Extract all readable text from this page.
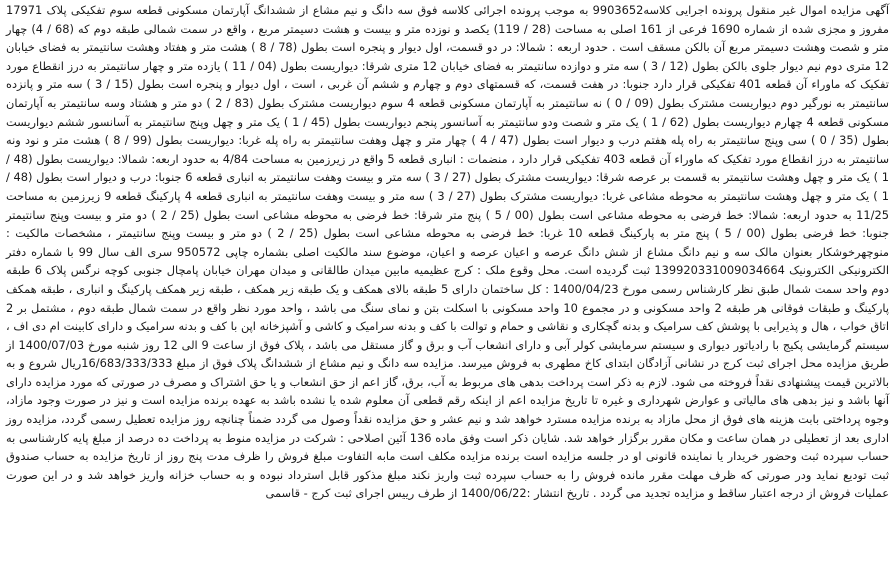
آگهی مزایده اموال غیر منقول پرونده اجرایی کلاسه9903652 به موجب پرونده اجرائی کلاسه فوق سه دانگ و نیم مشاع از ششدانگ آپارتمان مسکونی قطعه سوم تفکیکی پلاک 17971 مفروز و مجزی شده از شماره 1690 فرعی از 161 اصلی به مساحت (28 / 119) یکصد و نوزده متر و بیست و هشت دسیمتر مربع ، واقع در سمت شمالی طبقه دوم که (68 / 4) چهار متر و شصت وهشت دسیمتر مربع آن بالکن مسقف است . حدود اربعه : شمالا: در دو قسمت، اول دیوار و پنجره است بطول (78 / 8 ) هشت متر و هفتاد وهشت سانتیمتر به فضای خیابان 12 متری دوم نیم دیوار جلوی بالکن بطول (12 / 3 ) سه متر و دوازده سانتیمتر به فضای خیابان 12 متری شرقا: دیواریست بطول (04 / 11 ) یازده متر و چهار سانتیمتر به درز انقطاع مورد تفکیک که ماوراء آن قطعه 401 تفکیکی قرار دارد جنوبا: در هفت قسمت، که قسمتهای دوم و چهارم و ششم آن غربی ، است ، اول دیوار و پنجره است بطول (15 / 3 ) سه متر و پانزده سانتیمتر به نورگیر دوم دیواریست مشترک بطول (09 / 0 ) نه سانتیمتر به آپارتمان مسکونی قطعه 4 سوم دیواریست مشترک بطول (83 / 2 ) دو متر و هشتاد وسه سانتیمتر به آپارتمان مسکونی قطعه 4 چهارم دیواریست بطول (62 / 1 ) یک متر و شصت ودو سانتیمتر به آسانسور پنجم دیواریست بطول (45 / 1 ) یک متر و چهل وپنج سانتیمتر به آسانسور ششم دیواریست بطول (35 / 0 ) سی وپنج سانتیمتر به راه پله هفتم درب و دیوار است بطول (47 / 4 ) چهار متر و چهل وهفت سانتیمتر به راه پله غربا: دیواریست بطول (99 / 8 ) هشت متر و نود ونه سانتیمتر به درز انقطاع مورد تفکیک که ماوراء آن قطعه 403 تفکیکی قرار دارد ، منضمات : انباری قطعه 5 واقع در زیرزمین به مساحت 4/84 به حدود اربعه: شمالا: دیواریست بطول (48 / 1 ) یک متر و چهل وهشت سانتیمتر به قسمت بر عرصه شرقا: دیواریست مشترک بطول (27 / 3 ) سه متر و بیست وهفت سانتیمتر به انباری قطعه 6 جنوبا: درب و دیوار است بطول (48 / 1 ) یک متر و چهل وهشت سانتیمتر به محوطه مشاعی غربا: دیواریست مشترک بطول (27 / 3 ) سه متر و بیست وهفت سانتیمتر به انباری قطعه 4 پارکینگ قطعه 9 زیرزمین به مساحت 11/25 به حدود اربعه: شمالا: خط فرضی به محوطه مشاعی است بطول (00 / 5 ) پنج متر شرقا: خط فرضی به محوطه مشاعی است بطول (25 / 2 ) دو متر و بیست وپنج سانتیمتر جنوبا: خط فرضی بطول (00 / 5 ) پنج متر به پارکینگ قطعه 10 غربا: خط فرضی به محوطه مشاعی است بطول (25 / 2 ) دو متر و بیست وپنج سانتیمتر ، مشخصات مالکیت : منوچهرخوشکار بعنوان مالک سه و نیم دانگ مشاع از شش دانگ عرصه و اعیان عرصه و اعیان، موضوع سند مالکیت اصلی بشماره چاپی 950572 سری الف سال 99 با شماره دفتر الکترونیکی الکترونیک 139920331009034664 ثبت گردیده است. محل وقوع ملک : کرج عظیمیه مابین میدان طالقانی و میدان مهران خیابان پامچال جنوبی کوچه نرگس پلاک 6 طبقه دوم واحد سمت شمال طبق نظر کارشناس رسمی مورخ 1400/04/23 : کل ساختمان دارای 5 طبقه بالای همکف و یک طبقه زیر همکف ، طبقه زیر همکف پارکینگ و انباری ، طبقه همکف پارکینگ و طبقات فوقانی هر طبقه 2 واحد مسکونی و در مجموع 10 واحد مسکونی با اسکلت بتن و نمای سنگ می باشد ، واحد مورد نظر واقع در سمت شمال طبقه دوم ، مشتمل بر 2 اتاق خواب ، هال و پذیرایی با پوشش کف سرامیک و بدنه گچکاری و نقاشی و حمام و توالت با کف و بدنه سرامیک و کاشی و آشپزخانه اپن با کف و بدنه سرامیک و دارای کابینت ام دی اف ، سیستم گرمایشی پکیج با رادیاتور دیواری و سیستم سرمایشی کولر آبی و دارای انشعاب آب و برق و گاز مستقل می باشد ، پلاک فوق از ساعت 9 الی 12 روز شنبه مورخ 1400/07/03 از طریق مزایده محل اجرای ثبت کرج در نشانی آزادگان ابتدای کاخ مطهری به فروش میرسد. مزایده سه دانگ و نیم مشاع از ششدانگ پلاک فوق از مبلغ 16/683/333/333ریال شروع و به بالاترین قیمت پیشنهادی نقداً فروخته می شود. لازم به ذکر است پرداخت بدهی های مربوط به آب، برق، گاز اعم از حق انشعاب و یا حق اشتراک و مصرف در صورتی که مورد مزایده دارای آنها باشد و نیز بدهی های مالیاتی و عوارض شهرداری و غیره تا تاریخ مزایده اعم از اینکه رقم قطعی آن معلوم شده یا نشده باشد به عهده برنده مزایده است و نیز در صورت وجود مازاد، وجوه پرداختی بابت هزینه های فوق از محل مازاد به برنده مزایده مسترد خواهد شد و نیم عشر و حق مزایده نقداً وصول می گردد ضمناً چنانچه روز مزایده تعطیل رسمی گردد، مزایده روز اداری بعد از تعطیلی در همان ساعت و مکان مقرر برگزار خواهد شد. شایان ذکر است وفق ماده 136 آئین اصلاحی : شرکت در مزایده منوط به پرداخت ده درصد از مبلغ پایه کارشناسی به حساب سپرده ثبت وحضور خریدار یا نماینده قانونی او در جلسه مزایده است برنده مزایده مکلف است مابه التفاوت مبلغ فروش را ظرف مدت پنج روز از تاریخ مزایده به حساب صندوق ثبت تودیع نماید ودر صورتی که ظرف مهلت مقرر مانده فروش را به حساب سپرده ثبت واریز نکند مبلغ مذکور قابل استرداد نبوده و به حساب خزانه واریز خواهد شد و در این صورت عملیات فروش از درجه اعتبار ساقط و مزایده تجدید می گردد . تاریخ انتشار :1400/06/22 از طرف رییس اجرای ثبت کرج - قاسمی
